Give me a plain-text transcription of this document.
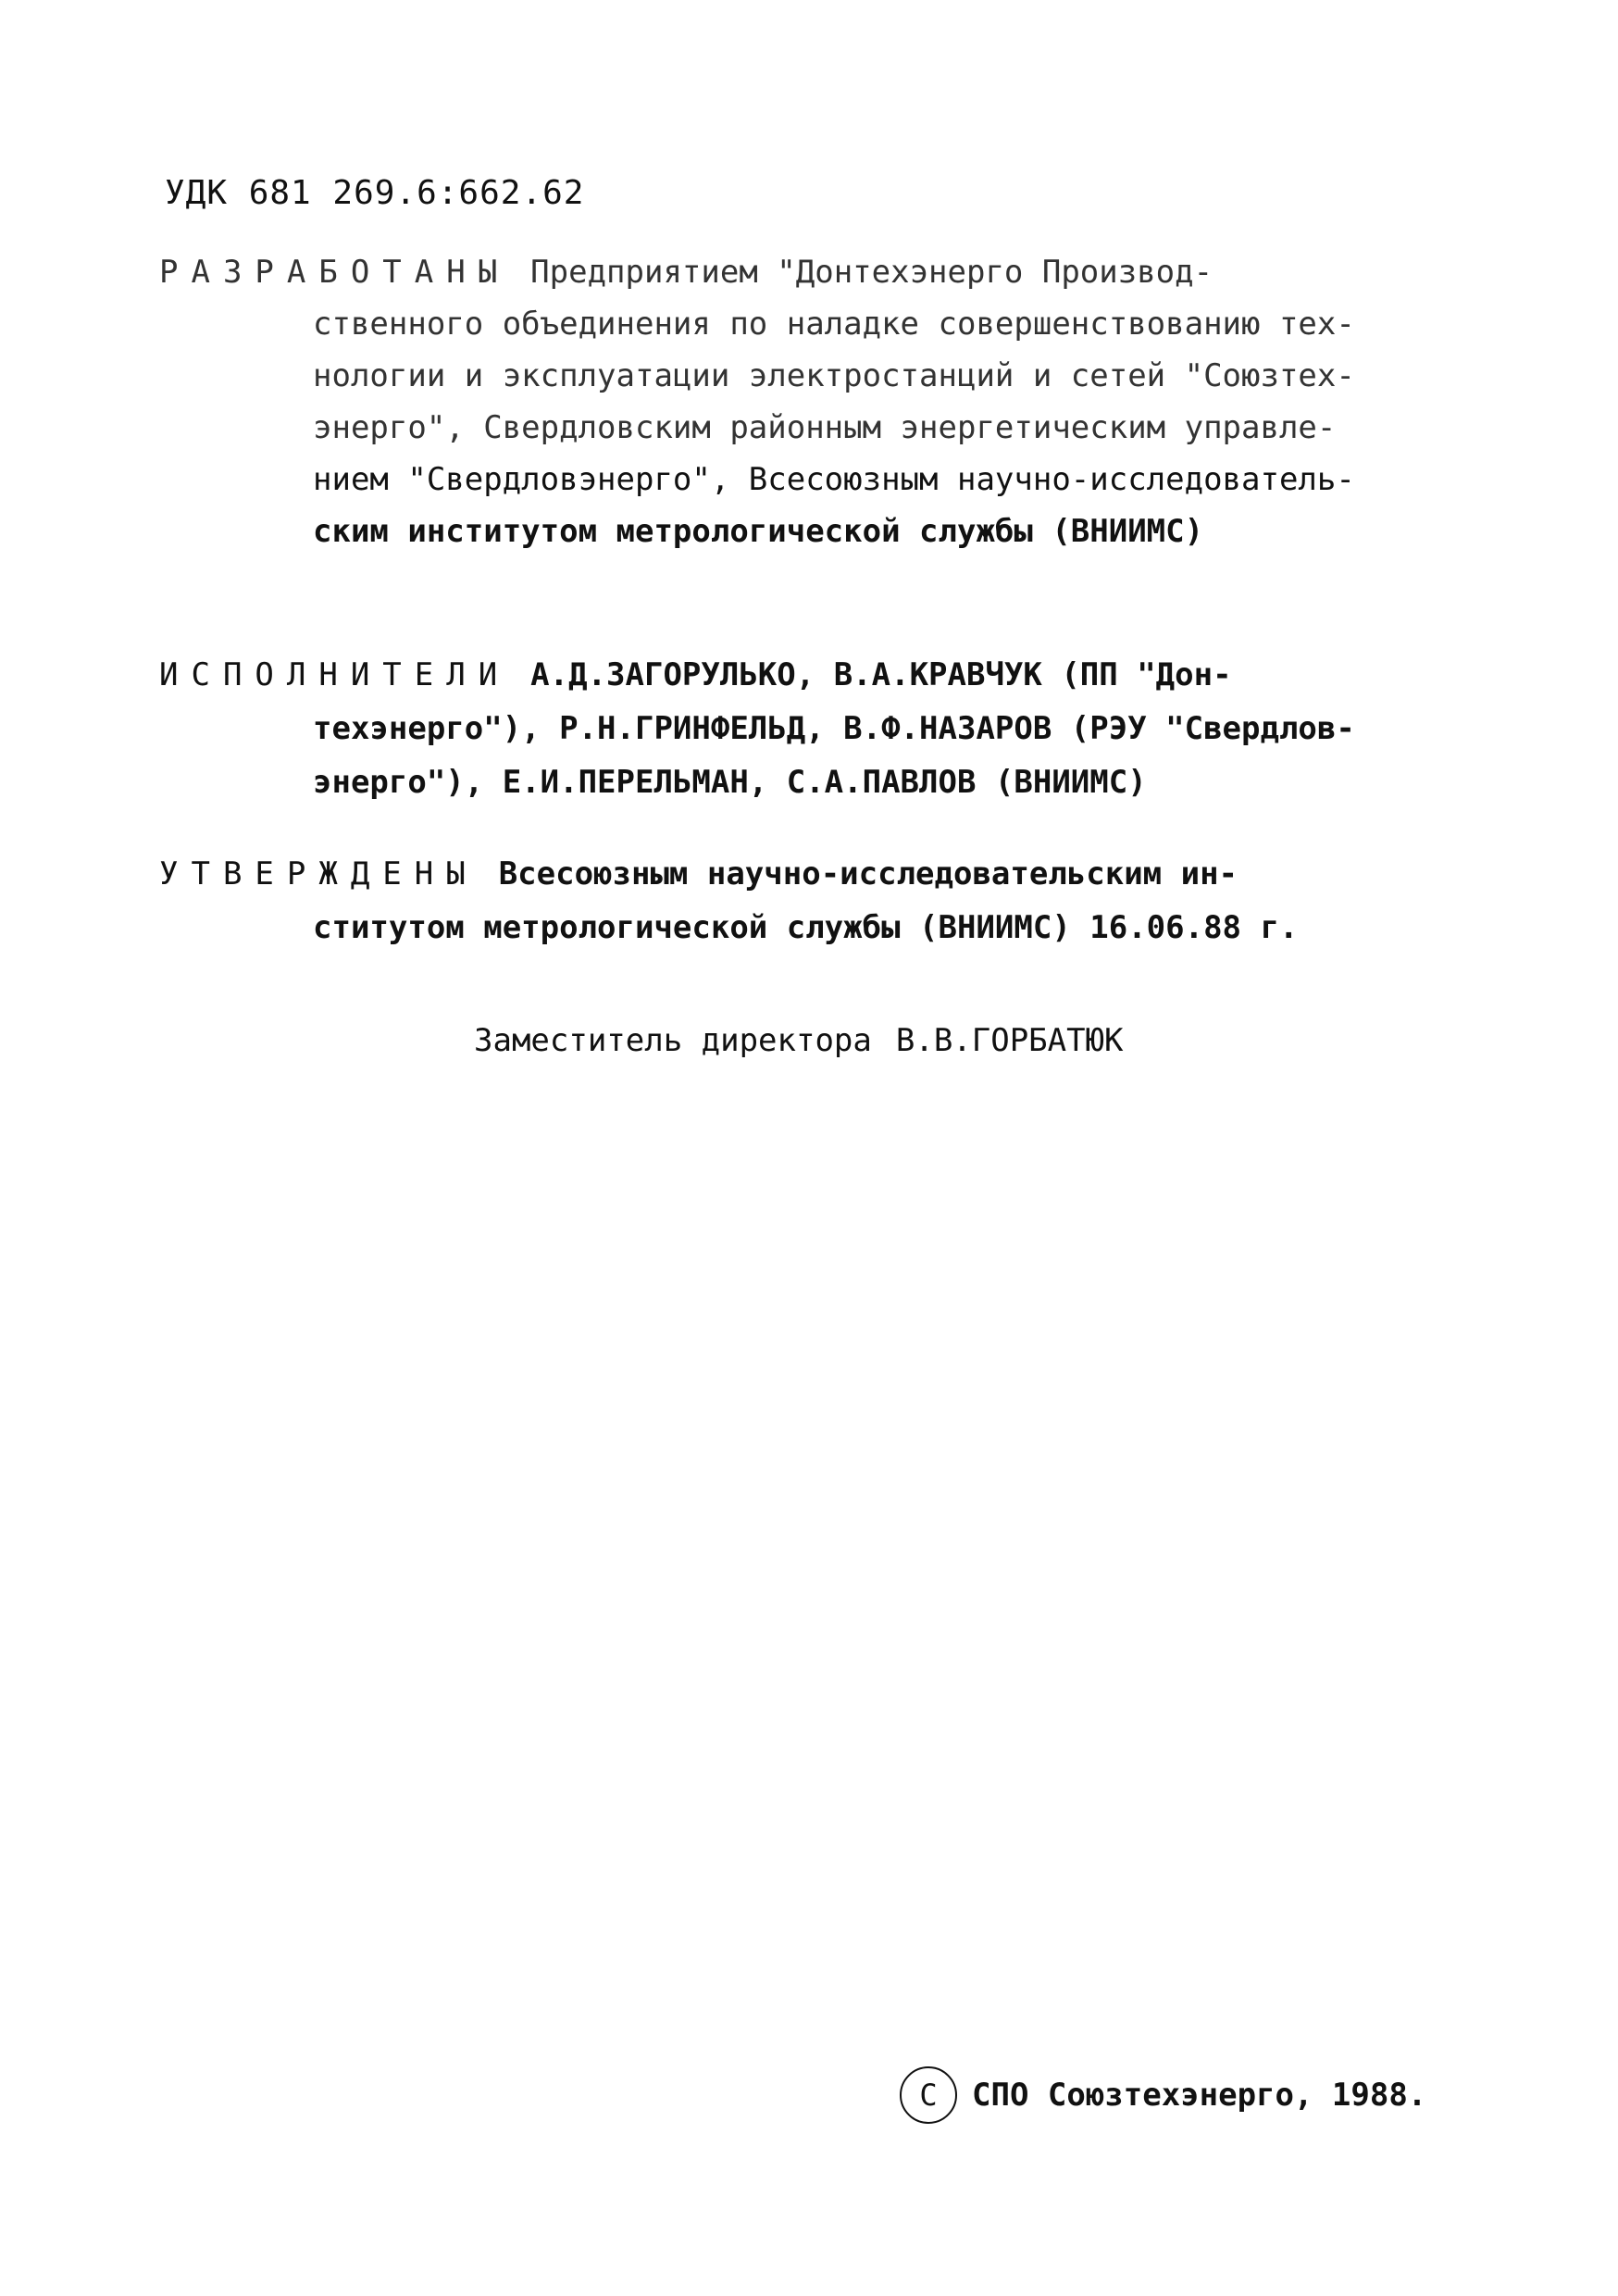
УДК 681 269.6:662.62

РАЗРАБОТАНЫ Предприятием "Донтехэнерго Производ-

ственного объединения по наладке совершенствованию тех-

нологии и эксплуатации электростанций и сетей "Союзтех-

энерго", Свердловским районным энергетическим управле-

нием "Свердловэнерго", Всесоюзным научно-исследователь-

ским институтом метрологической службы (ВНИИМС)

ИСПОЛНИТЕЛИ А.Д.ЗАГОРУЛЬКО, В.А.КРАВЧУК (ПП "Дон-

техэнерго"), Р.Н.ГРИНФЕЛЬД, В.Ф.НАЗАРОВ (РЭУ "Свердлов-

энерго"), Е.И.ПЕРЕЛЬМАН, С.А.ПАВЛОВ (ВНИИМС)

УТВЕРЖДЕНЫ Всесоюзным научно-исследовательским ин-

ститутом метрологической службы (ВНИИМС) 16.06.88 г.

Заместитель директора В.В.ГОРБАТЮК
C	СПО Союзтехэнерго, 1988.
